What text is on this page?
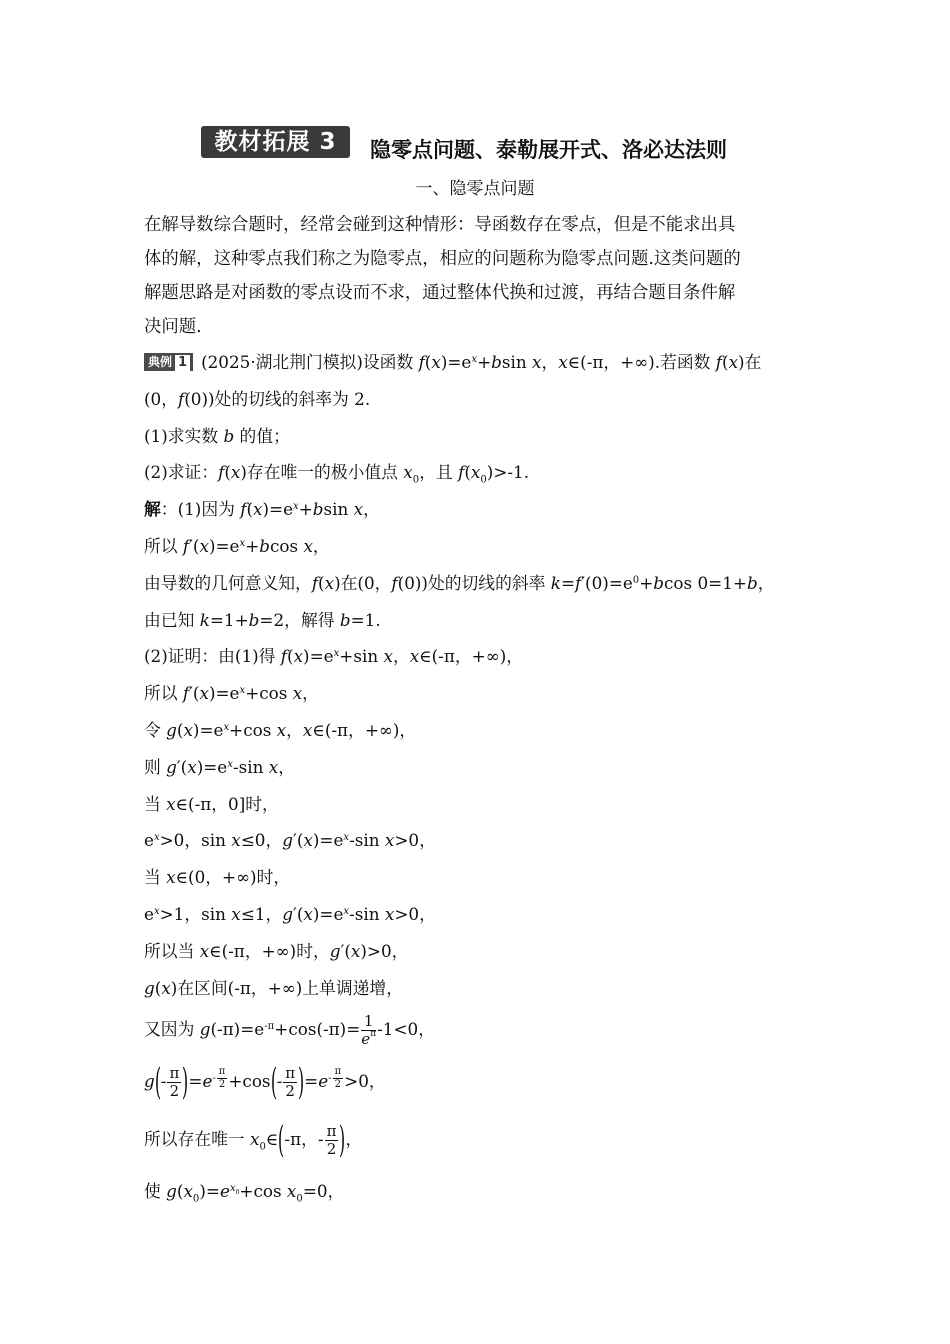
教材拓展 3	隐零点问题、泰勒展开式、洛必达法则
一、隐零点问题

在解导数综合题时，经常会碰到这种情形：导函数存在零点，但是不能求出具

体的解，这种零点我们称之为隐零点，相应的问题称为隐零点问题.这类问题的

解题思路是对函数的零点设而不求，通过整体代换和过渡，再结合题目条件解

决问题.

典例 1 (2025·湖北荆门模拟)设函数 $f(x)=e^x+bsin$ x，x∈(-π，+∞).若函数 f(x)在
(0，f(0))处的切线的斜率为 2.
(1)求实数 b 的值；
(2)求证：f(x)存在唯一的极小值点 $x_0$，且 $f(x_0)>-1$.
解：(1)因为 $f(x)=e^x+bsin$ x，
所以 $f'(x)=e^x+bcos$ x，
由导数的几何意义知，f(x)在(0，f(0))处的切线的斜率 $k=f'(0)=e^0+bcos$ 0=1+b，
由已知 k=1+b=2，解得 b=1.
(2)证明：由(1)得 $f(x)=e^x+\sin$ x，x∈(-π，+∞)，
所以 $f'(x)=e^x+\cos$ x，
令 $g(x)=e^x+\cos$ x，x∈(-π，+∞)，
则 $g'(x)=e^x-\sin$ x，
当 x∈(-π，0]时，
$e^x>0$，sin x≤0，$g'(x)=e^x-\sin$ x>0，
当 x∈(0，+∞)时，
$e^x>1$，sin x≤1，$g'(x)=e^x-\sin$ x>0，
所以当 x∈(-π，+∞)时，g′(x)>0，
g(x)在区间(-π，+∞)上单调递增，
又因为 $g(-\pi)=e^{-\pi}+\cos(-\pi)= \frac{1}{e^\pi} -1<0$，
$g(- \frac{\pi}{2} )=e^{- \frac{\pi}{2}} +\cos(- \frac{\pi}{2} )=e^{- \frac{\pi}{2}} >0$，
所以存在唯一 $x_0\in(-\pi$，- $\frac{\pi}{2}$ )，
使 $g(x_0)=e^{x_0}+\cos$ $x_0=0$，
